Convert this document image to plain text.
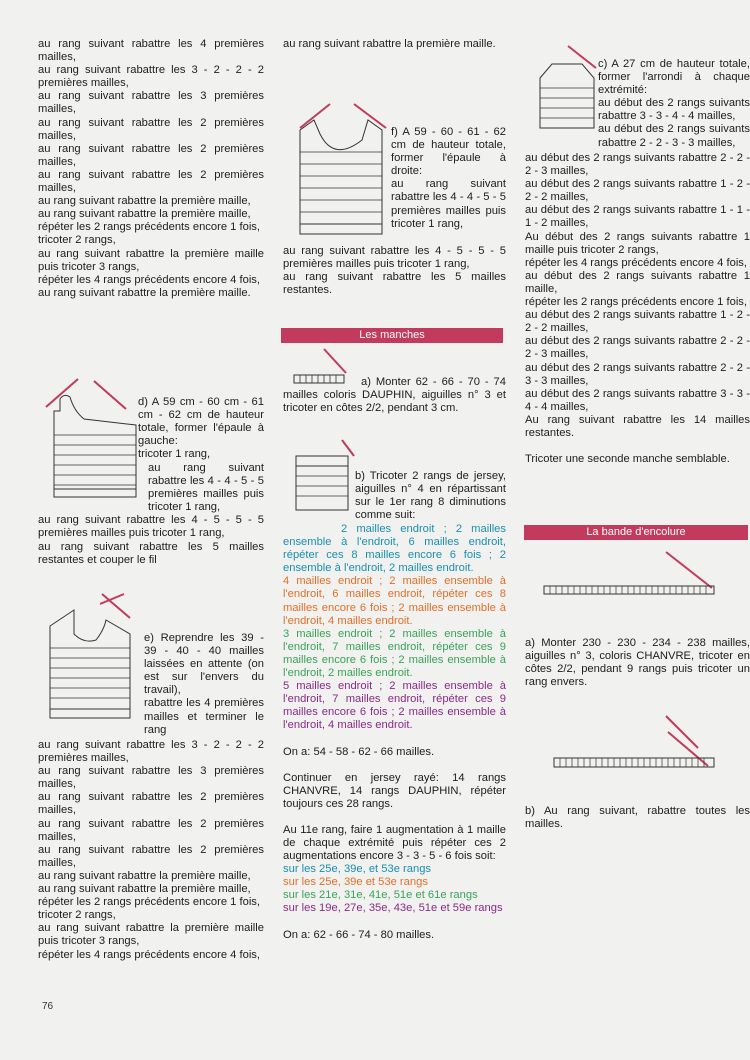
au rang suivant rabattre les 4 premières mailles,

au rang suivant rabattre les 3 - 2 - 2 - 2 premières mailles,

au rang suivant rabattre les 3 premières mailles,

au rang suivant rabattre les 2 premières mailles,

au rang suivant rabattre les 2 premières mailles,

au rang suivant rabattre les 2 premières mailles,

au rang suivant rabattre la première maille,

au rang suivant rabattre la première maille,

répéter les 2 rangs précédents encore 1 fois,

tricoter 2 rangs,

au rang suivant rabattre la première maille puis tricoter 3 rangs,

répéter les 4 rangs précédents encore 4 fois,

au rang suivant rabattre la première maille.

d) A 59 cm - 60 cm - 61 cm - 62 cm de hauteur totale, former l'épaule à gauche:

tricoter 1 rang,

au rang suivant rabattre les 4 - 4 - 5 - 5 premières mailles puis tricoter 1 rang,

au rang suivant rabattre les 4 - 5 - 5 - 5 premières mailles puis tricoter 1 rang,

au rang suivant rabattre les 5 mailles restantes et couper le fil

e) Reprendre les 39 - 39 - 40 - 40 mailles laissées en attente (on est sur l'envers du travail),

rabattre les 4 premières mailles et terminer le rang

au rang suivant rabattre les 3 - 2 - 2 - 2 premières mailles,

au rang suivant rabattre les 3 premières mailles,

au rang suivant rabattre les 2 premières mailles,

au rang suivant rabattre les 2 premières mailles,

au rang suivant rabattre les 2 premières mailles,

au rang suivant rabattre la première maille,

au rang suivant rabattre la première maille,

répéter les 2 rangs précédents encore 1 fois,

tricoter 2 rangs,

au rang suivant rabattre la première maille puis tricoter 3 rangs,

répéter les 4 rangs précédents encore 4 fois,

76

au rang suivant rabattre la première maille.

f) A 59 - 60 - 61 - 62 cm de hauteur totale, former l'épaule à droite:

au rang suivant rabattre les 4 - 4 - 5 - 5 premières mailles puis tricoter 1 rang,

au rang suivant rabattre les 4 - 5 - 5 - 5 premières mailles puis tricoter 1 rang,

au rang suivant rabattre les 5 mailles restantes.

Les manches

a) Monter 62 - 66 - 70 - 74 mailles coloris DAUPHIN, aiguilles n° 3 et tricoter en côtes 2/2, pendant 3 cm.

b) Tricoter 2 rangs de jersey, aiguilles n° 4 en répartissant sur le 1er rang 8 diminutions comme suit:

2 mailles endroit ; 2 mailles ensemble à l'endroit, 6 mailles endroit, répéter ces 8 mailles encore 6 fois ; 2 ensemble à l'endroit, 2 mailles endroit.

4 mailles endroit ; 2 mailles ensemble à l'endroit, 6 mailles endroit, répéter ces 8 mailles encore 6 fois ; 2 mailles ensemble à l'endroit, 4 mailles endroit.

3 mailles endroit ; 2 mailles ensemble à l'endroit, 7 mailles endroit, répéter ces 9 mailles encore 6 fois ; 2 mailles ensemble à l'endroit, 2 mailles endroit.

5 mailles endroit ; 2 mailles ensemble à l'endroit, 7 mailles endroit, répéter ces 9 mailles encore 6 fois ; 2 mailles ensemble à l'endroit, 4 mailles endroit.

On a: 54 - 58 - 62 - 66 mailles.

Continuer en jersey rayé: 14 rangs CHANVRE, 14 rangs DAUPHIN, répéter toujours ces 28 rangs.

Au 11e rang, faire 1 augmentation à 1 maille de chaque extrémité puis répéter ces 2 augmentations encore 3 - 3 - 5 - 6 fois soit:

sur les 25e, 39e, et 53e rangs

sur les 25e, 39e et 53e rangs

sur les 21e, 31e, 41e, 51e et 61e rangs

sur les 19e, 27e, 35e, 43e, 51e et 59e rangs

On a: 62 - 66 - 74 - 80 mailles.

c) A 27 cm de hauteur totale, former l'arrondi à chaque extrémité:

au début des 2 rangs suivants rabattre 3 - 3 - 4 - 4 mailles,

au début des 2 rangs suivants rabattre 2 - 2 - 3 - 3 mailles,

au début des 2 rangs suivants rabattre 2 - 2 - 2 - 3 mailles,

au début des 2 rangs suivants rabattre 1 - 2 - 2 - 2 mailles,

au début des 2 rangs suivants rabattre 1 - 1 - 1 - 2 mailles,

Au début des 2 rangs suivants rabattre 1 maille puis tricoter 2 rangs,

répéter les 4 rangs précédents encore 4 fois,

au début des 2 rangs suivants rabattre 1 maille,

répéter les 2 rangs précédents encore 1 fois,

au début des 2 rangs suivants rabattre 1 - 2 - 2 - 2 mailles,

au début des 2 rangs suivants rabattre 2 - 2 - 2 - 3 mailles,

au début des 2 rangs suivants rabattre 2 - 2 - 3 - 3 mailles,

au début des 2 rangs suivants rabattre 3 - 3 - 4 - 4 mailles,

Au rang suivant rabattre les 14 mailles restantes.

Tricoter une seconde manche semblable.

La bande d'encolure

a) Monter 230 - 230 - 234 - 238 mailles, aiguilles n° 3, coloris CHANVRE, tricoter en côtes 2/2, pendant 9 rangs puis tricoter un rang envers.

b) Au rang suivant, rabattre toutes les mailles.
